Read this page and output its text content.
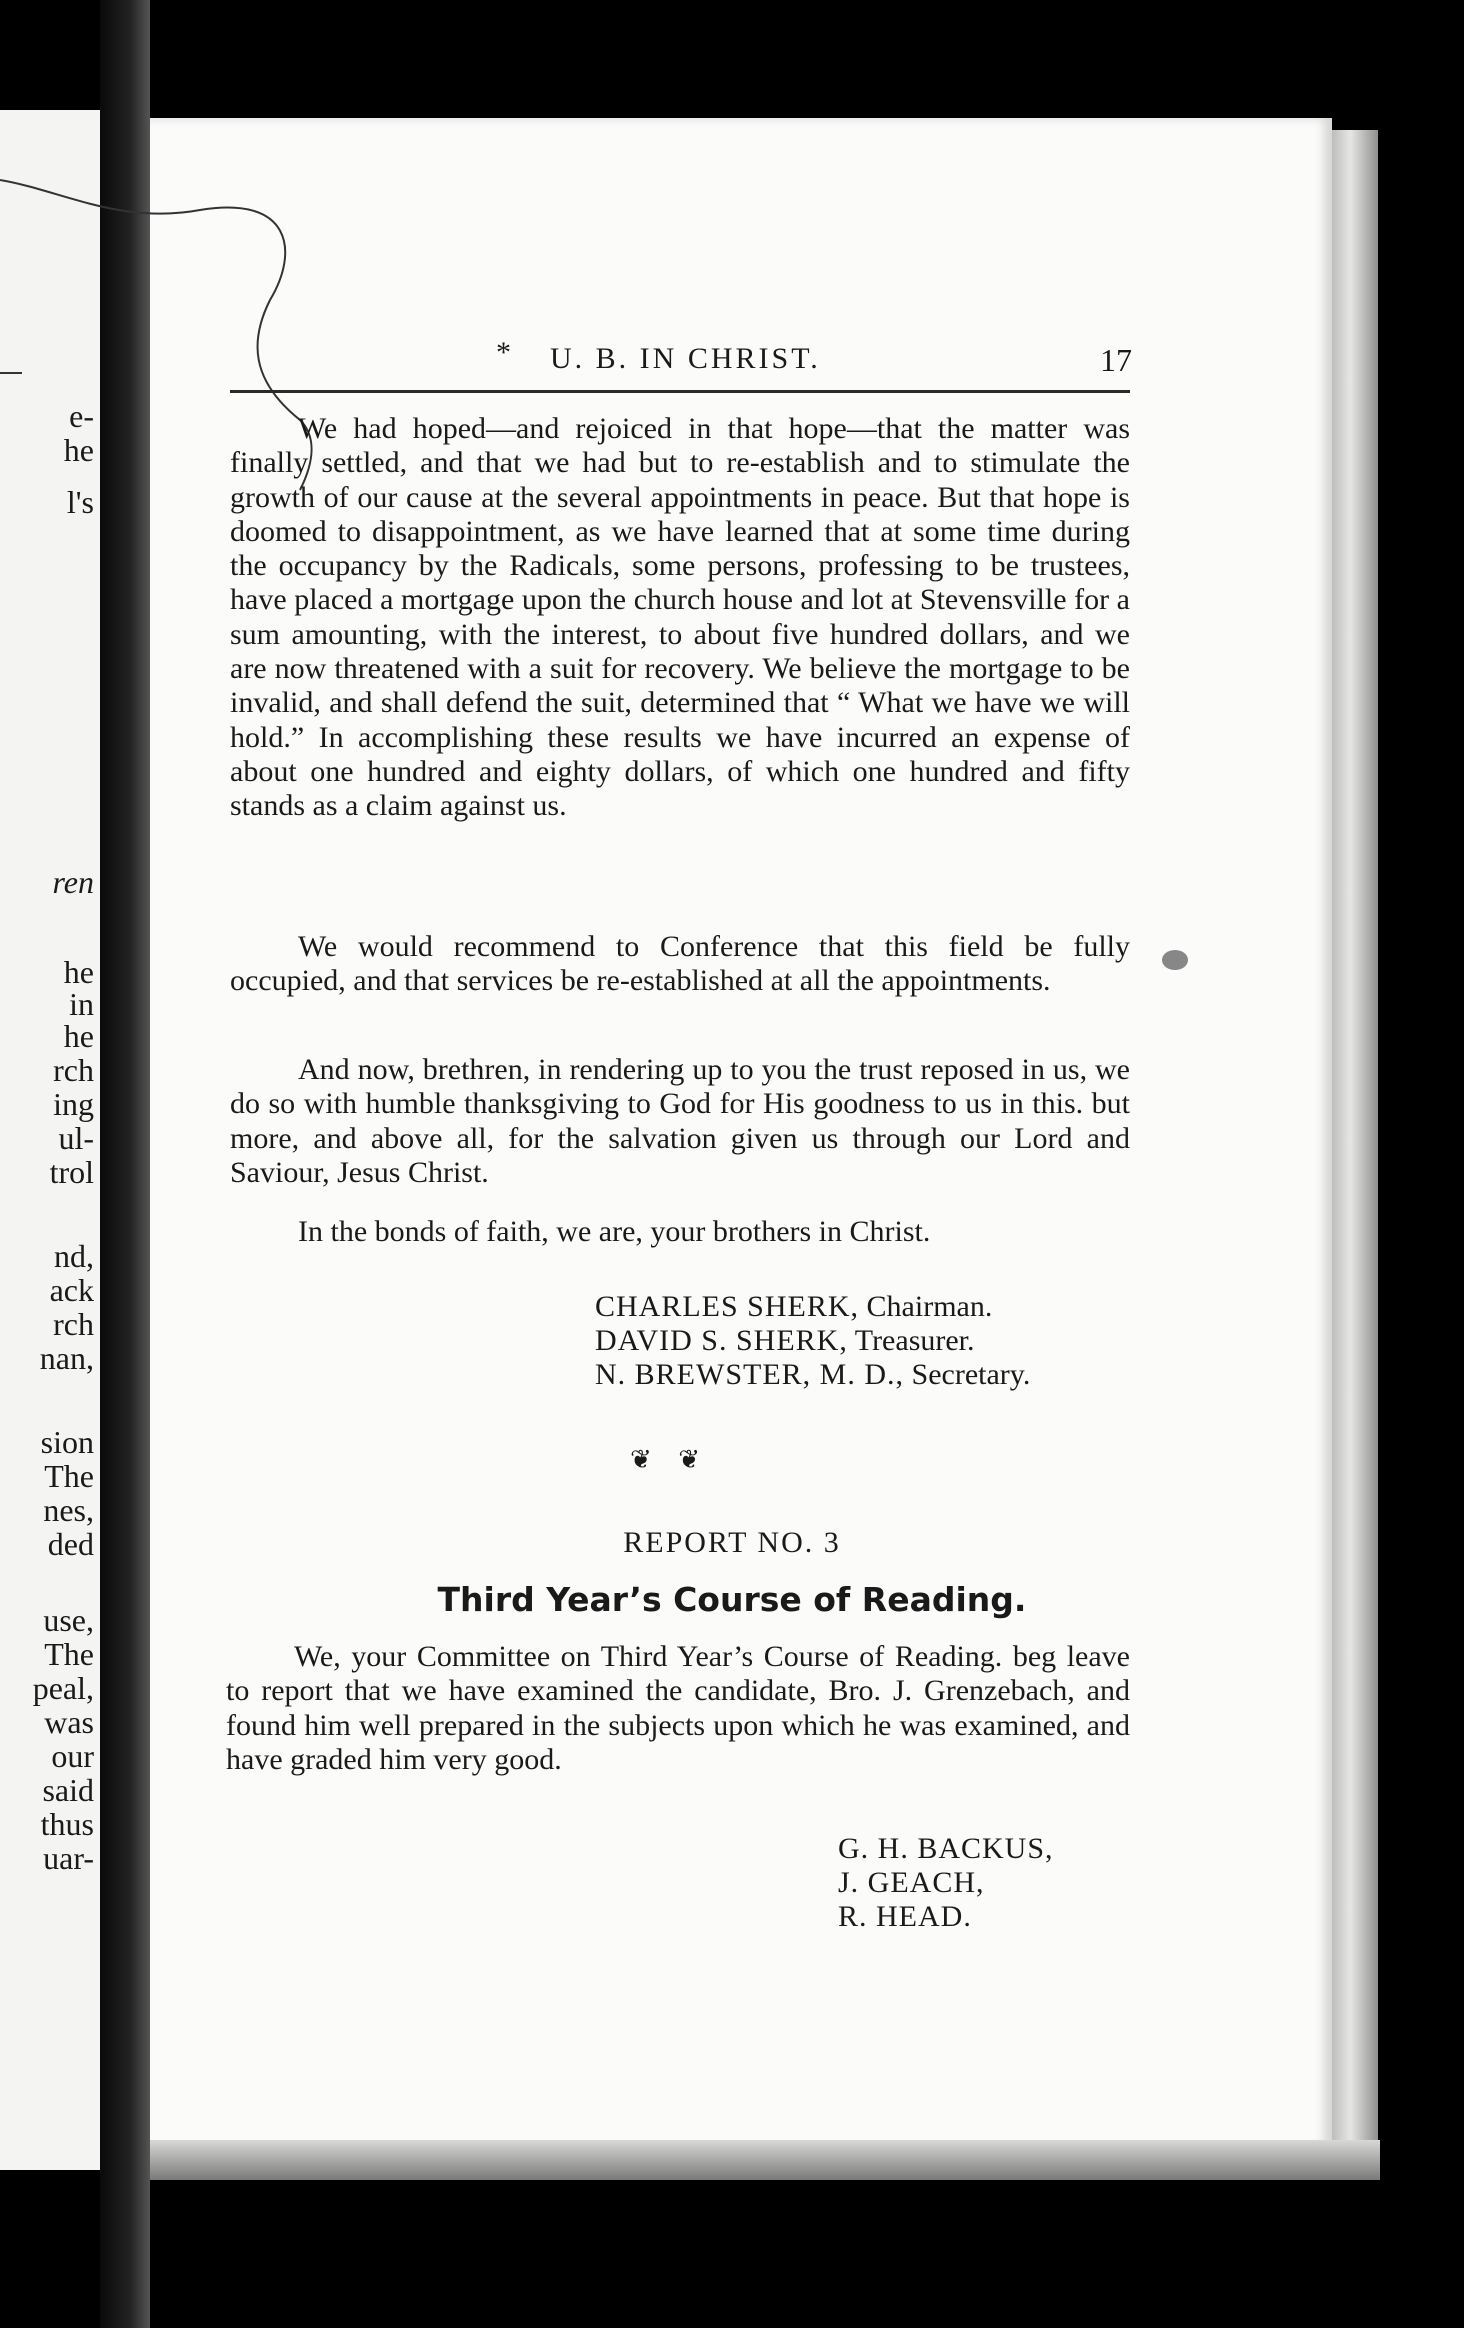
e-
he
l's
ren
he
in
he
rch
ing
ul-
trol
nd,
ack
rch
nan,
sion
The
nes,
ded
use,
The
peal,
was
our
said
thus
uar-
* U. B. IN CHRIST.	17

We had hoped—and rejoiced in that hope—that the matter was finally settled, and that we had but to re-establish and to stimulate the growth of our cause at the several appointments in peace. But that hope is doomed to disappointment, as we have learned that at some time during the occupancy by the Radicals, some persons, professing to be trustees, have placed a mortgage upon the church house and lot at Stevensville for a sum amounting, with the interest, to about five hundred dollars, and we are now threatened with a suit for recovery. We believe the mortgage to be invalid, and shall defend the suit, determined that “ What we have we will hold.” In accomplishing these results we have incurred an expense of about one hundred and eighty dollars, of which one hundred and fifty stands as a claim against us.

We would recommend to Conference that this field be fully occupied, and that services be re-established at all the appointments.

And now, brethren, in rendering up to you the trust reposed in us, we do so with humble thanksgiving to God for His goodness to us in this. but more, and above all, for the salvation given us through our Lord and Saviour, Jesus Christ.

In the bonds of faith, we are, your brothers in Christ.

CHARLES SHERK, Chairman.
DAVID S. SHERK, Treasurer.
N. BREWSTER, M. D., Secretary.
❦ ❦
REPORT NO. 3
Third Year’s Course of Reading.

We, your Committee on Third Year’s Course of Reading. beg leave to report that we have examined the candidate, Bro. J. Grenzebach, and found him well prepared in the subjects upon which he was examined, and have graded him very good.

G. H. BACKUS,
J. GEACH,
R. HEAD.
